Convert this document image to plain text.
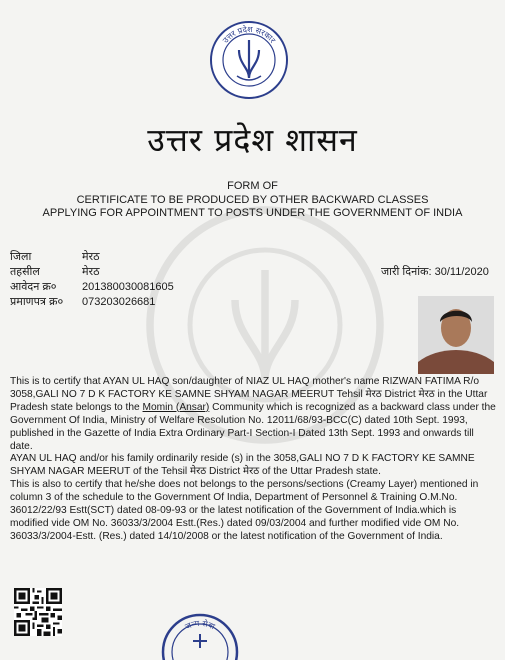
उत्तर प्रदेश सरकार
उत्तर प्रदेश शासन
FORM OF
CERTIFICATE TO BE PRODUCED BY OTHER BACKWARD CLASSES
APPLYING FOR APPOINTMENT TO POSTS UNDER THE GOVERNMENT OF INDIA
जिला	मेरठ
तहसील	मेरठ
आवेदन क्र०	201380030081605
प्रमाणपत्र क्र०	073203026681
जारी दिनांक: 30/11/2020

This is to certify that AYAN UL HAQ son/daughter of NIAZ UL HAQ mother's name RIZWAN FATIMA R/o 3058,GALI NO 7 D K FACTORY KE SAMNE SHYAM NAGAR MEERUT Tehsil मेरठ District मेरठ in the Uttar Pradesh state belongs to the Momin (Ansar) Community which is recognized as a backward class under the Government Of India, Ministry of Welfare Resolution No. 12011/68/93-BCC(C) dated 10th Sept. 1993, published in the Gazette of India Extra Ordinary Part-I Section-I Dated 13th Sept. 1993 and onwards till date.

AYAN UL HAQ and/or his family ordinarily reside (s) in the 3058,GALI NO 7 D K FACTORY KE SAMNE SHYAM NAGAR MEERUT of the Tehsil मेरठ District मेरठ of the Uttar Pradesh state.

This is also to certify that he/she does not belongs to the persons/sections (Creamy Layer) mentioned in column 3 of the schedule to the Government Of India, Department of Personnel & Training O.M.No. 36012/22/93 Estt(SCT) dated 08-09-93 or the latest notification of the Government of India.which is modified vide OM No. 36033/3/2004 Estt.(Res.) dated 09/03/2004 and further modified vide OM No. 36033/3/2004-Estt. (Res.) dated 14/10/2008 or the latest notification of the Government of India.

जन्म सेवा
